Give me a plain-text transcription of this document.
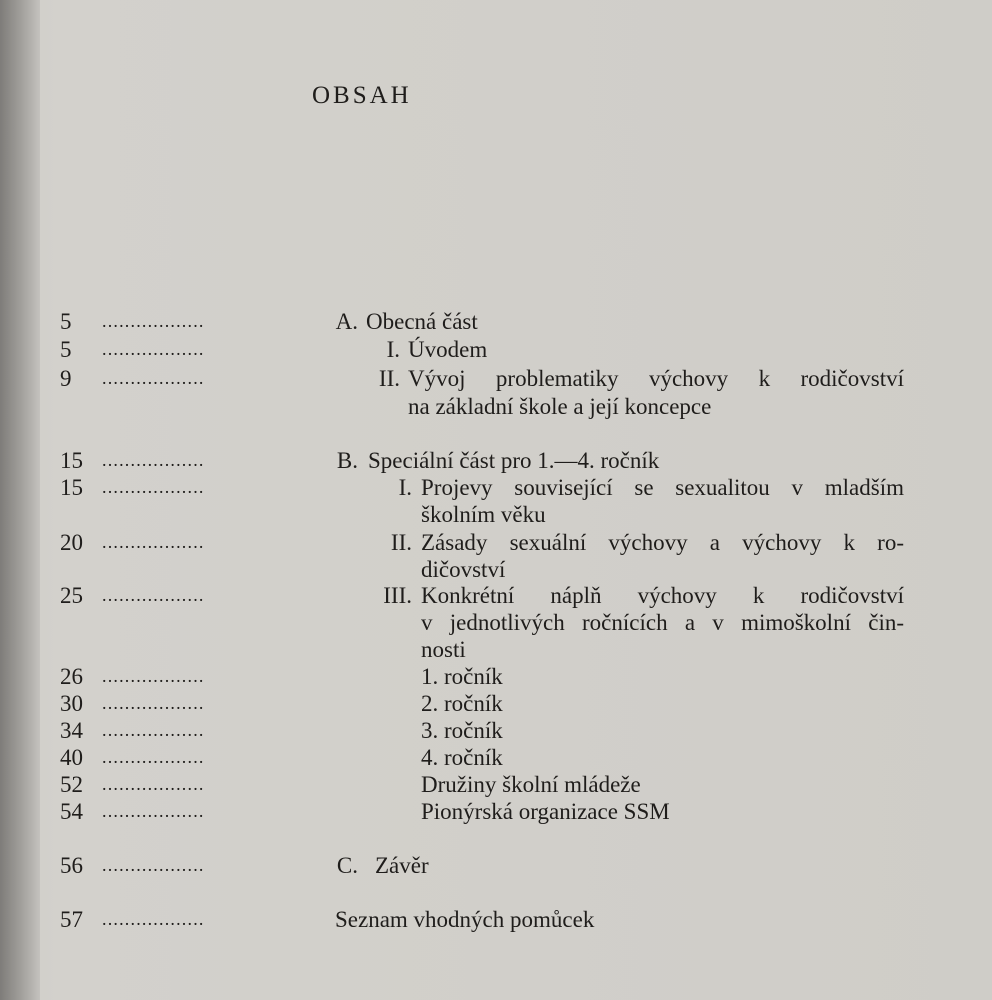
OBSAH
5	..................	A. Obecná část
5	..................	I. Úvodem
9	..................	II. Vývoj problematiky výchovy k rodičovství
na základní škole a její koncepce
15	..................	B. Speciální část pro 1.—4. ročník
15	..................	I. Projevy související se sexualitou v mladším
školním věku
20	..................	II. Zásady sexuální výchovy a výchovy k ro-
dičovství
25	..................	III. Konkrétní náplň výchovy k rodičovství
v jednotlivých ročnících a v mimoškolní čin-
nosti
26	..................	1. ročník
30	..................	2. ročník
34	..................	3. ročník
40	..................	4. ročník
52	..................	Družiny školní mládeže
54	..................	Pionýrská organizace SSM
56	..................	C. Závěr
57	..................	Seznam vhodných pomůcek
